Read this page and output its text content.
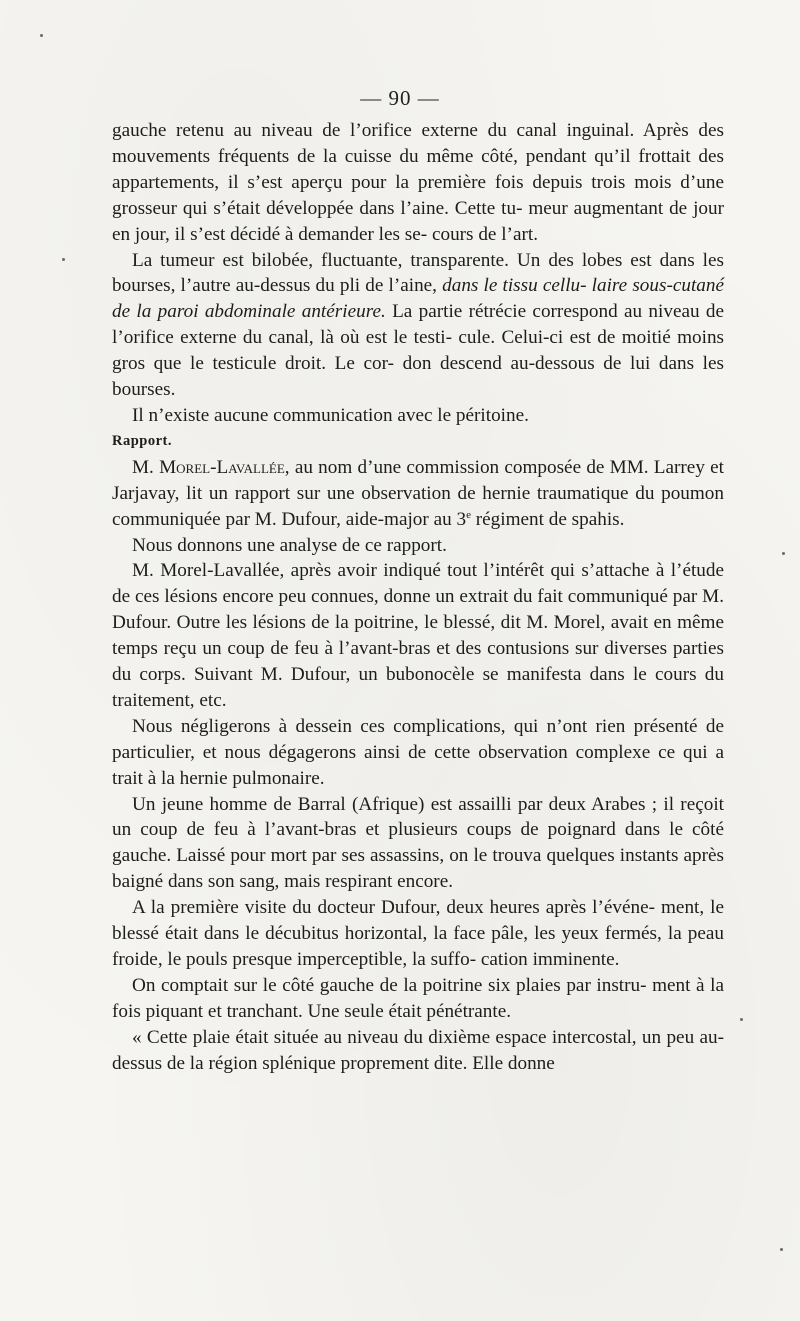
— 90 —

gauche retenu au niveau de l’orifice externe du canal inguinal. Après des mouvements fréquents de la cuisse du même côté, pendant qu’il frottait des appartements, il s’est aperçu pour la première fois depuis trois mois d’une grosseur qui s’était développée dans l’aine. Cette tu- meur augmentant de jour en jour, il s’est décidé à demander les se- cours de l’art.

La tumeur est bilobée, fluctuante, transparente. Un des lobes est dans les bourses, l’autre au-dessus du pli de l’aine, dans le tissu cellu- laire sous-cutané de la paroi abdominale antérieure. La partie rétrécie correspond au niveau de l’orifice externe du canal, là où est le testi- cule. Celui-ci est de moitié moins gros que le testicule droit. Le cor- don descend au-dessous de lui dans les bourses.

Il n’existe aucune communication avec le péritoine.

Rapport.

M. Morel-Lavallée, au nom d’une commission composée de MM. Larrey et Jarjavay, lit un rapport sur une observation de hernie traumatique du poumon communiquée par M. Dufour, aide-major au 3e régiment de spahis.

Nous donnons une analyse de ce rapport.

M. Morel-Lavallée, après avoir indiqué tout l’intérêt qui s’attache à l’étude de ces lésions encore peu connues, donne un extrait du fait communiqué par M. Dufour. Outre les lésions de la poitrine, le blessé, dit M. Morel, avait en même temps reçu un coup de feu à l’avant-bras et des contusions sur diverses parties du corps. Suivant M. Dufour, un bubonocèle se manifesta dans le cours du traitement, etc.

Nous négligerons à dessein ces complications, qui n’ont rien présenté de particulier, et nous dégagerons ainsi de cette observation complexe ce qui a trait à la hernie pulmonaire.

Un jeune homme de Barral (Afrique) est assailli par deux Arabes ; il reçoit un coup de feu à l’avant-bras et plusieurs coups de poignard dans le côté gauche. Laissé pour mort par ses assassins, on le trouva quelques instants après baigné dans son sang, mais respirant encore.

A la première visite du docteur Dufour, deux heures après l’événe- ment, le blessé était dans le décubitus horizontal, la face pâle, les yeux fermés, la peau froide, le pouls presque imperceptible, la suffo- cation imminente.

On comptait sur le côté gauche de la poitrine six plaies par instru- ment à la fois piquant et tranchant. Une seule était pénétrante.

« Cette plaie était située au niveau du dixième espace intercostal, un peu au-dessus de la région splénique proprement dite. Elle donne
